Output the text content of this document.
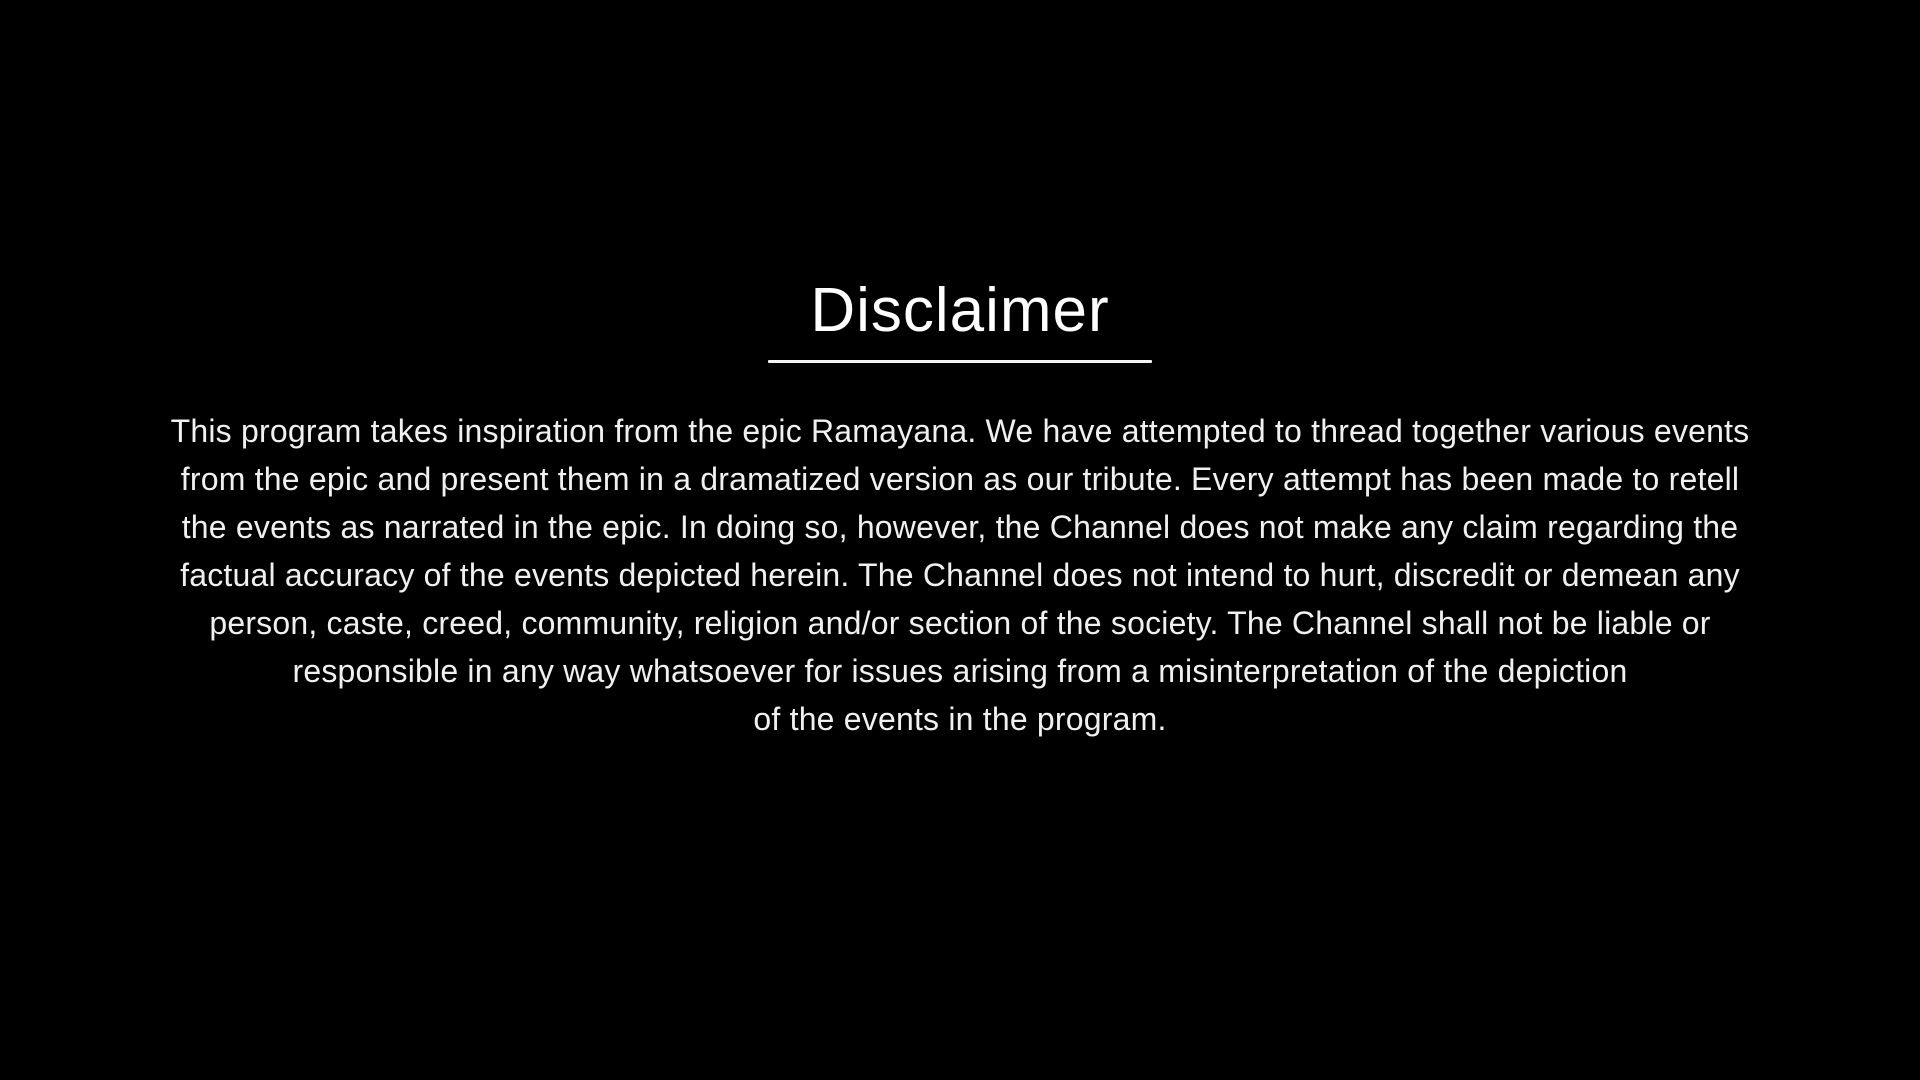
Disclaimer
This program takes inspiration from the epic Ramayana. We have attempted to thread together various events
from the epic and present them in a dramatized version as our tribute. Every attempt has been made to retell
the events as narrated in the epic. In doing so, however, the Channel does not make any claim regarding the
factual accuracy of the events depicted herein. The Channel does not intend to hurt, discredit or demean any
person, caste, creed, community, religion and/or section of the society. The Channel shall not be liable or
responsible in any way whatsoever for issues arising from a misinterpretation of the depiction
of the events in the program.
